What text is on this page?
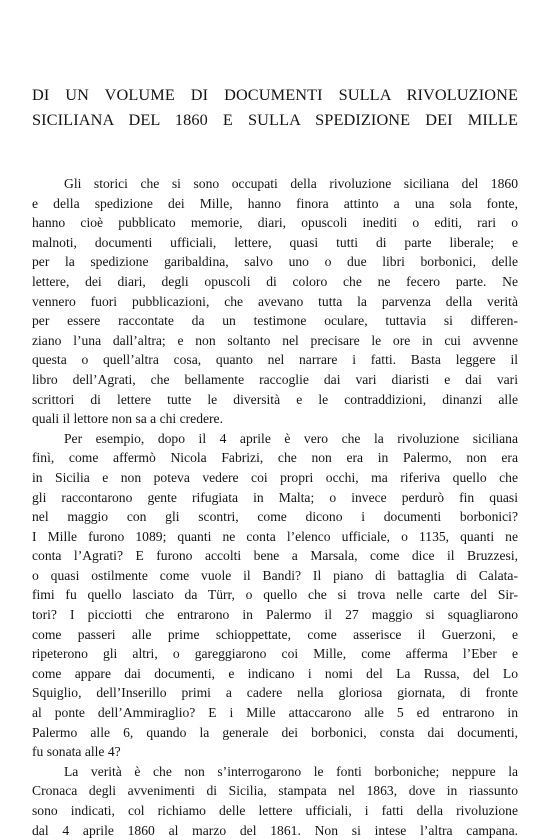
DI UN VOLUME DI DOCUMENTI SULLA RIVOLUZIONE
SICILIANA DEL 1860 E SULLA SPEDIZIONE DEI MILLE
Gli storici che si sono occupati della rivoluzione siciliana del 1860
e della spedizione dei Mille, hanno finora attinto a una sola fonte,
hanno cioè pubblicato memorie, diari, opuscoli inediti o editi, rari o
malnoti, documenti ufficiali, lettere, quasi tutti di parte liberale; e
per la spedizione garibaldina, salvo uno o due libri borbonici, delle
lettere, dei diari, degli opuscoli di coloro che ne fecero parte. Ne
vennero fuori pubblicazioni, che avevano tutta la parvenza della verità
per essere raccontate da un testimone oculare, tuttavia si differen-
ziano l’una dall’altra; e non soltanto nel precisare le ore in cui avvenne
questa o quell’altra cosa, quanto nel narrare i fatti. Basta leggere il
libro dell’Agrati, che bellamente raccoglie dai vari diaristi e dai vari
scrittori di lettere tutte le diversità e le contraddizioni, dinanzi alle
quali il lettore non sa a chi credere.
Per esempio, dopo il 4 aprile è vero che la rivoluzione siciliana
finì, come affermò Nicola Fabrizi, che non era in Palermo, non era
in Sicilia e non poteva vedere coi propri occhi, ma riferiva quello che
gli raccontarono gente rifugiata in Malta; o invece perdurò fin quasi
nel maggio con gli scontri, come dicono i documenti borbonici?
I Mille furono 1089; quanti ne conta l’elenco ufficiale, o 1135, quanti ne
conta l’Agrati? E furono accolti bene a Marsala, come dice il Bruzzesi,
o quasi ostilmente come vuole il Bandi? Il piano di battaglia di Calata-
fimi fu quello lasciato da Türr, o quello che si trova nelle carte del Sir-
tori? I picciotti che entrarono in Palermo il 27 maggio si squagliarono
come passeri alle prime schioppettate, come asserisce il Guerzoni, e
ripeterono gli altri, o gareggiarono coi Mille, come afferma l’Eber e
come appare dai documenti, e indicano i nomi del La Russa, del Lo
Squiglio, dell’Inserillo primi a cadere nella gloriosa giornata, di fronte
al ponte dell’Ammiraglio? E i Mille attaccarono alle 5 ed entrarono in
Palermo alle 6, quando la generale dei borbonici, consta dai documenti,
fu sonata alle 4?
La verità è che non s’interrogarono le fonti borboniche; neppure la
Cronaca degli avvenimenti di Sicilia, stampata nel 1863, dove in riassunto
sono indicati, col richiamo delle lettere ufficiali, i fatti della rivoluzione
dal 4 aprile 1860 al marzo del 1861. Non si intese l’altra campana.
